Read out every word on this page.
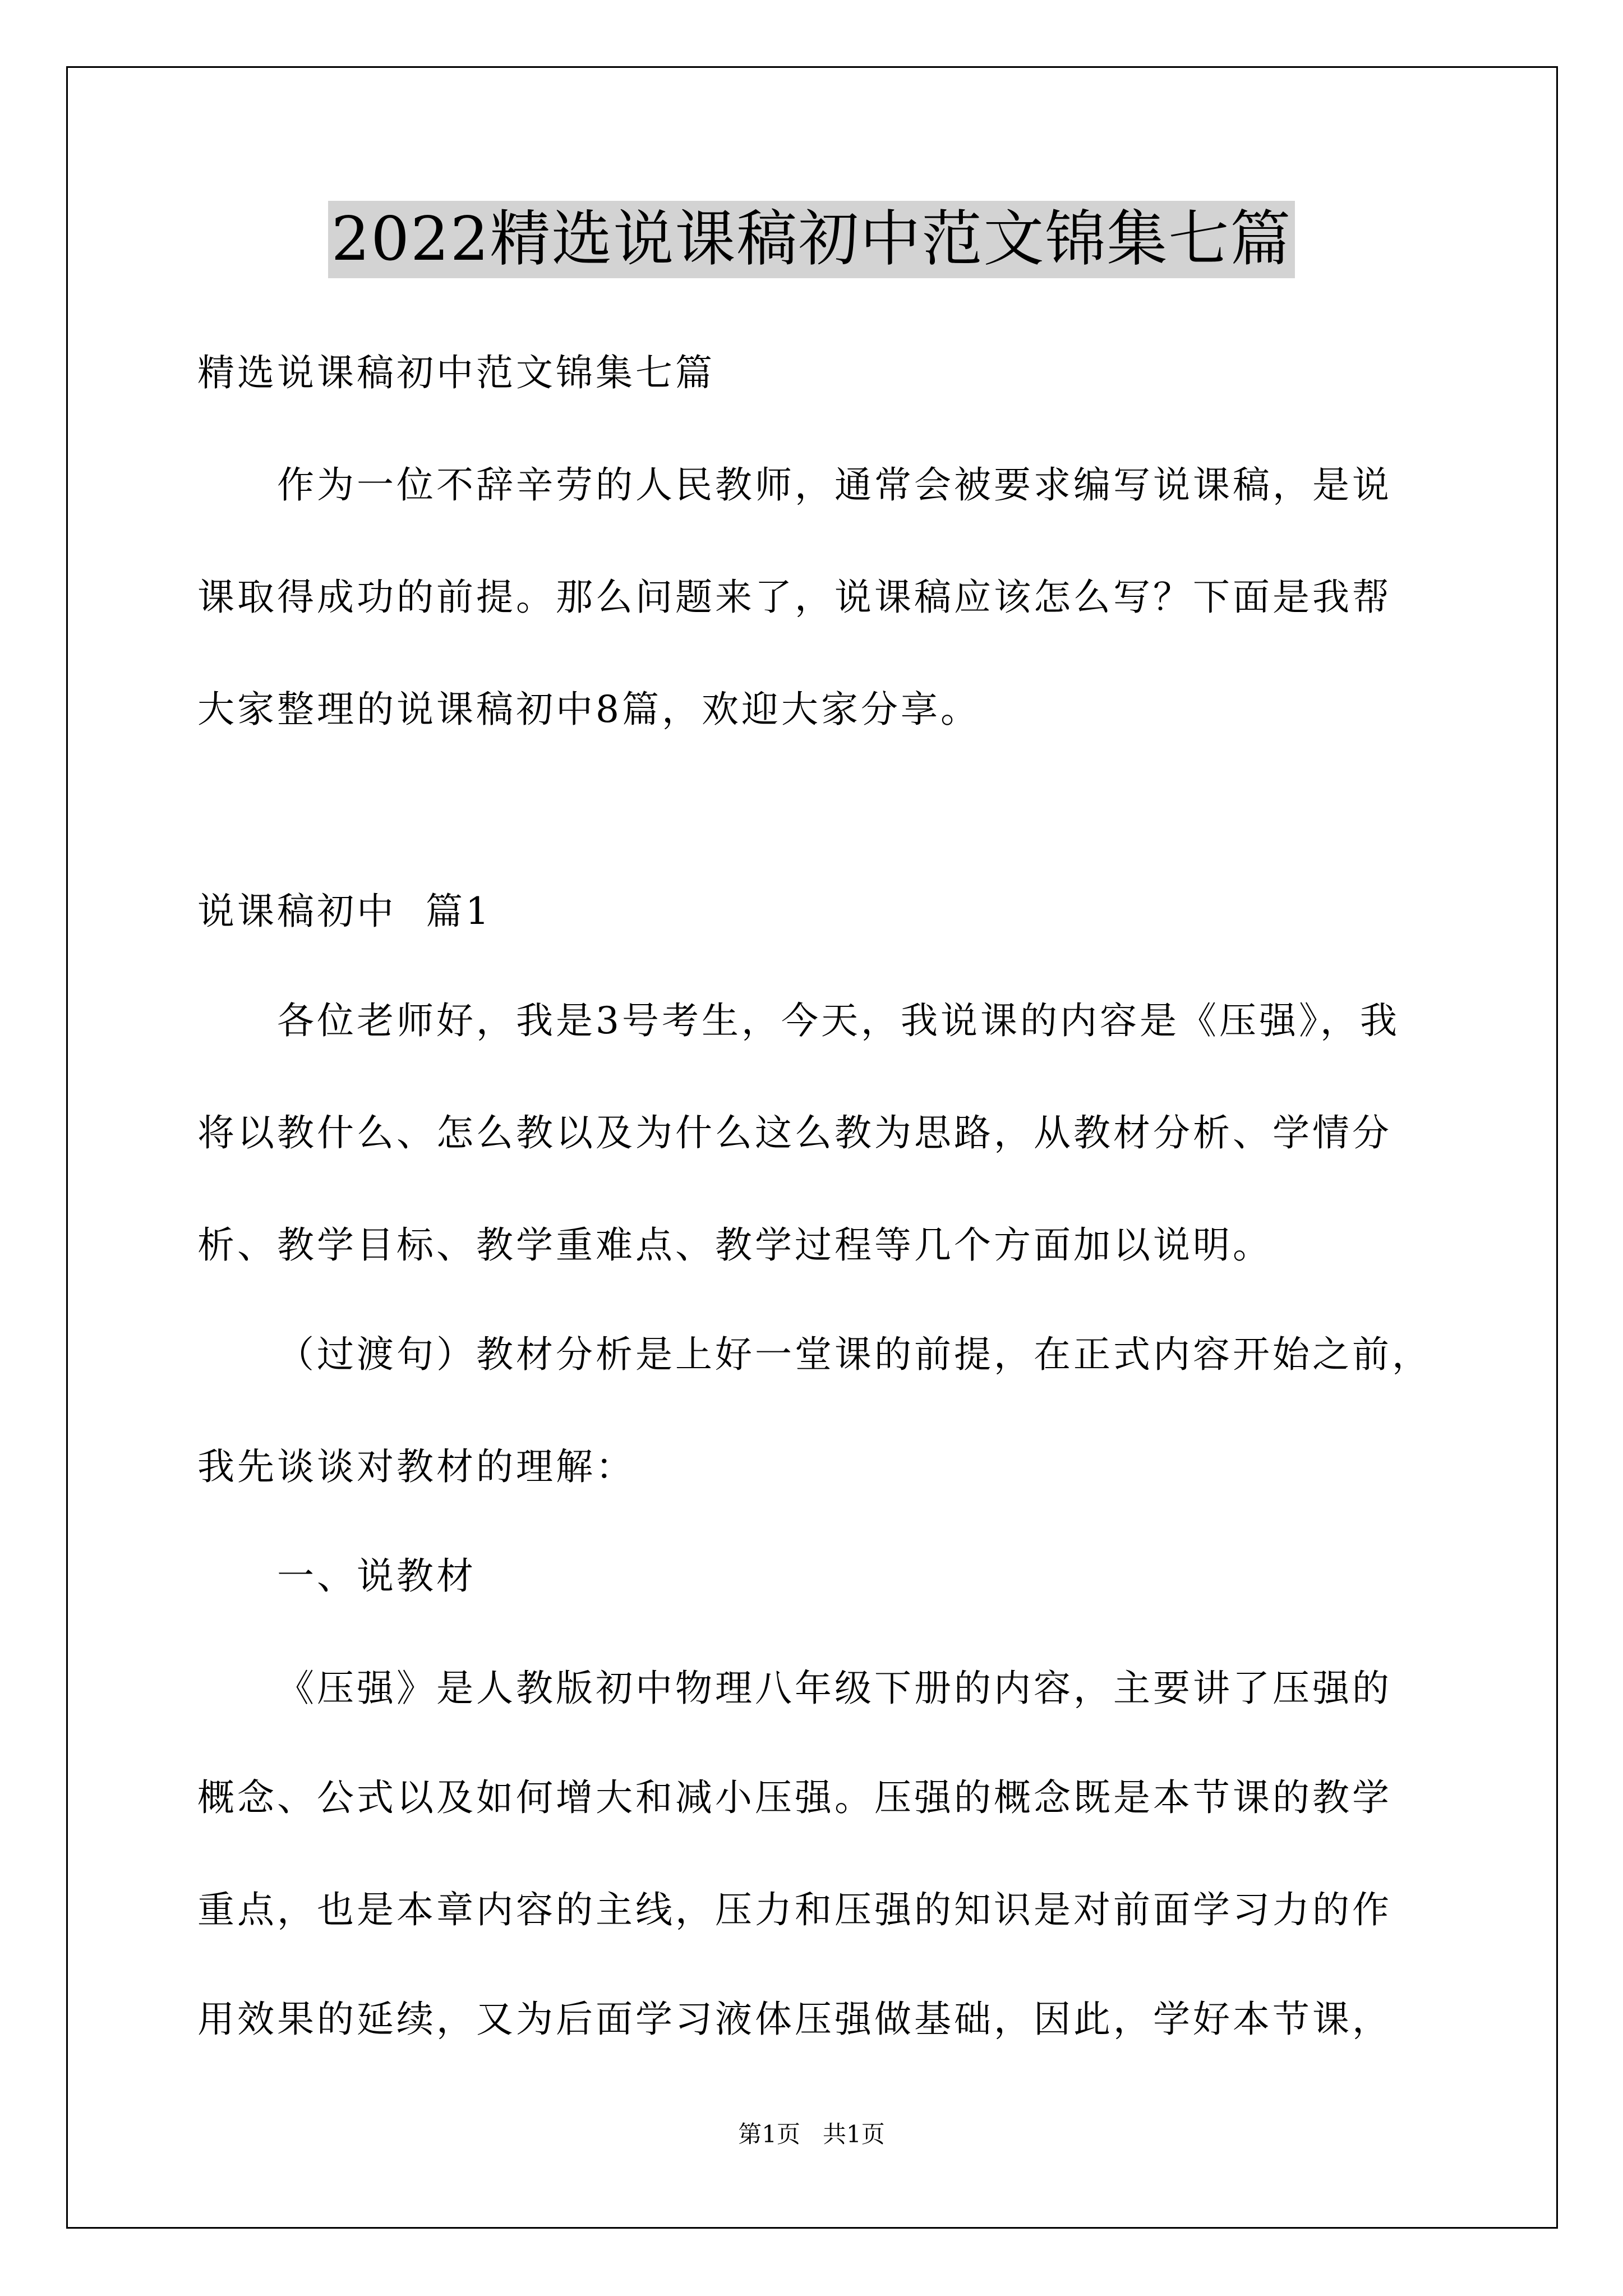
2022精选说课稿初中范文锦集七篇
精选说课稿初中范文锦集七篇
作为一位不辞辛劳的人民教师，通常会被要求编写说课稿，是说
课取得成功的前提。那么问题来了，说课稿应该怎么写？下面是我帮
大家整理的说课稿初中8篇，欢迎大家分享。
说课稿初中  篇1
各位老师好，我是3号考生，今天，我说课的内容是《压强》，我
将以教什么、怎么教以及为什么这么教为思路，从教材分析、学情分
析、教学目标、教学重难点、教学过程等几个方面加以说明。
（过渡句）教材分析是上好一堂课的前提，在正式内容开始之前，
我先谈谈对教材的理解：
一、说教材
《压强》是人教版初中物理八年级下册的内容，主要讲了压强的
概念、公式以及如何增大和减小压强。压强的概念既是本节课的教学
重点，也是本章内容的主线，压力和压强的知识是对前面学习力的作
用效果的延续，又为后面学习液体压强做基础，因此，学好本节课，
第1页   共1页
